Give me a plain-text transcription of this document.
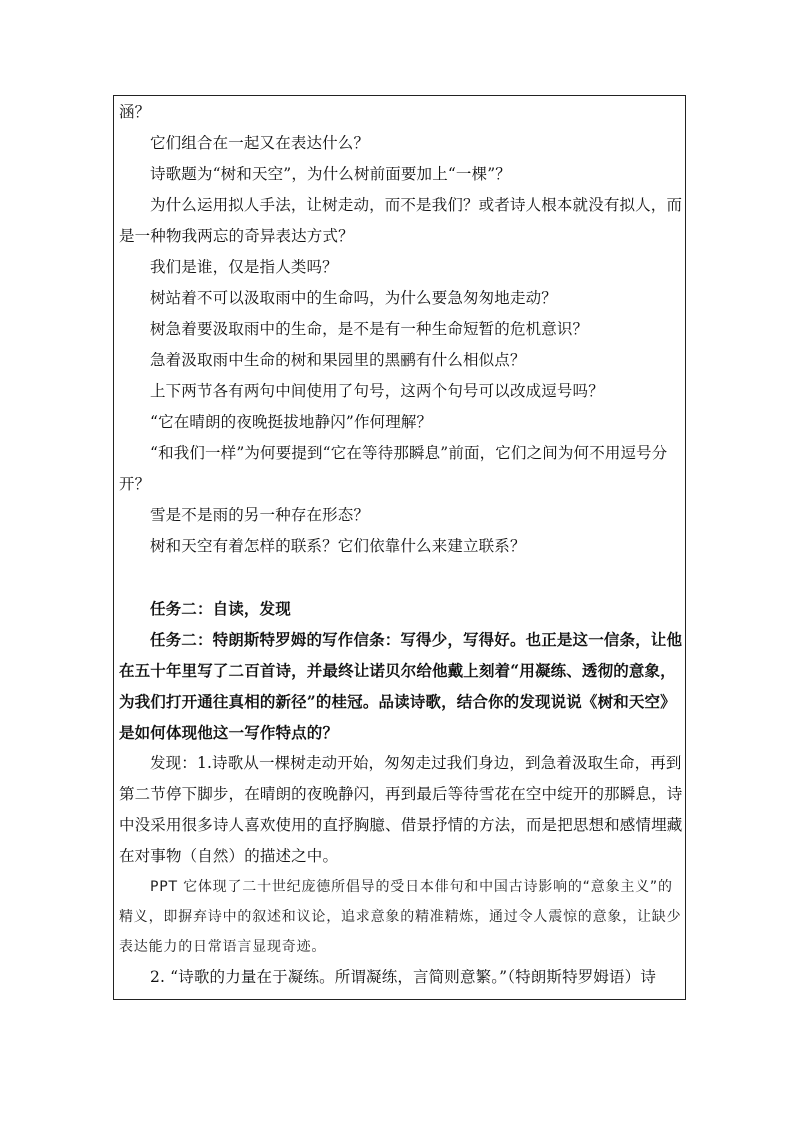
涵？

它们组合在一起又在表达什么？

诗歌题为“树和天空”，为什么树前面要加上“一棵”？

为什么运用拟人手法，让树走动，而不是我们？或者诗人根本就没有拟人，而是一种物我两忘的奇异表达方式？

我们是谁，仅是指人类吗？

树站着不可以汲取雨中的生命吗，为什么要急匆匆地走动？

树急着要汲取雨中的生命，是不是有一种生命短暂的危机意识？

急着汲取雨中生命的树和果园里的黑鹂有什么相似点？

上下两节各有两句中间使用了句号，这两个句号可以改成逗号吗？

“它在晴朗的夜晚挺拔地静闪”作何理解？

“和我们一样”为何要提到“它在等待那瞬息”前面，它们之间为何不用逗号分开？

雪是不是雨的另一种存在形态？

树和天空有着怎样的联系？它们依靠什么来建立联系？

任务二：自读，发现

任务二：特朗斯特罗姆的写作信条：写得少，写得好。也正是这一信条，让他在五十年里写了二百首诗，并最终让诺贝尔给他戴上刻着“用凝练、透彻的意象，为我们打开通往真相的新径”的桂冠。品读诗歌，结合你的发现说说《树和天空》是如何体现他这一写作特点的？

发现：1.诗歌从一棵树走动开始，匆匆走过我们身边，到急着汲取生命，再到第二节停下脚步，在晴朗的夜晚静闪，再到最后等待雪花在空中绽开的那瞬息，诗中没采用很多诗人喜欢使用的直抒胸臆、借景抒情的方法，而是把思想和感情埋藏在对事物（自然）的描述之中。

PPT 它体现了二十世纪庞德所倡导的受日本俳句和中国古诗影响的“意象主义”的精义，即摒弃诗中的叙述和议论，追求意象的精准精炼，通过令人震惊的意象，让缺少表达能力的日常语言显现奇迹。

2. “诗歌的力量在于凝练。所谓凝练，言简则意繁。”（特朗斯特罗姆语）诗
